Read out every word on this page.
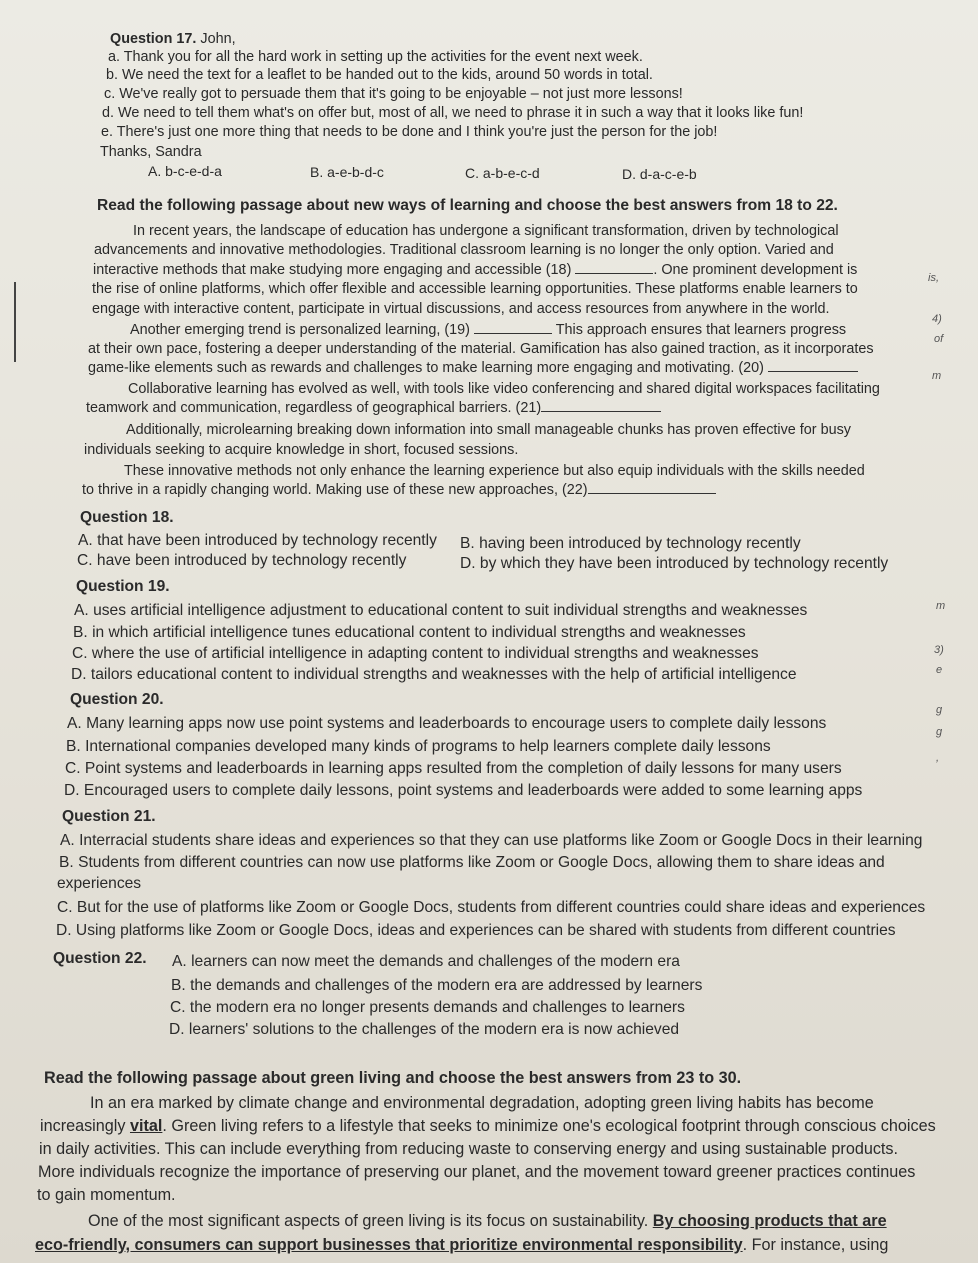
Question 17. John,
a. Thank you for all the hard work in setting up the activities for the event next week.
b. We need the text for a leaflet to be handed out to the kids, around 50 words in total.
c. We've really got to persuade them that it's going to be enjoyable – not just more lessons!
d. We need to tell them what's on offer but, most of all, we need to phrase it in such a way that it looks like fun!
e. There's just one more thing that needs to be done and I think you're just the person for the job!
Thanks, Sandra
A. b-c-e-d-a	B. a-e-b-d-c	C. a-b-e-c-d	D. d-a-c-e-b
Read the following passage about new ways of learning and choose the best answers from 18 to 22.
In recent years, the landscape of education has undergone a significant transformation, driven by technological
advancements and innovative methodologies. Traditional classroom learning is no longer the only option. Varied and
interactive methods that make studying more engaging and accessible (18)	. One prominent development is
the rise of online platforms, which offer flexible and accessible learning opportunities. These platforms enable learners to
engage with interactive content, participate in virtual discussions, and access resources from anywhere in the world.
Another emerging trend is personalized learning, (19)	This approach ensures that learners progress
at their own pace, fostering a deeper understanding of the material. Gamification has also gained traction, as it incorporates
game-like elements such as rewards and challenges to make learning more engaging and motivating. (20)
Collaborative learning has evolved as well, with tools like video conferencing and shared digital workspaces facilitating
teamwork and communication, regardless of geographical barriers. (21)
Additionally, microlearning breaking down information into small manageable chunks has proven effective for busy
individuals seeking to acquire knowledge in short, focused sessions.
These innovative methods not only enhance the learning experience but also equip individuals with the skills needed
to thrive in a rapidly changing world. Making use of these new approaches, (22)
is,
4)
of
m
m
3)
e
g
g
,
Question 18.
A. that have been introduced by technology recently B. having been introduced by technology recently
C. have been introduced by technology recently	D. by which they have been introduced by technology recently
Question 19.
A. uses artificial intelligence adjustment to educational content to suit individual strengths and weaknesses
B. in which artificial intelligence tunes educational content to individual strengths and weaknesses
C. where the use of artificial intelligence in adapting content to individual strengths and weaknesses
D. tailors educational content to individual strengths and weaknesses with the help of artificial intelligence
Question 20.
A. Many learning apps now use point systems and leaderboards to encourage users to complete daily lessons
B. International companies developed many kinds of programs to help learners complete daily lessons
C. Point systems and leaderboards in learning apps resulted from the completion of daily lessons for many users
D. Encouraged users to complete daily lessons, point systems and leaderboards were added to some learning apps
Question 21.
A. Interracial students share ideas and experiences so that they can use platforms like Zoom or Google Docs in their learning
B. Students from different countries can now use platforms like Zoom or Google Docs, allowing them to share ideas and
experiences
C. But for the use of platforms like Zoom or Google Docs, students from different countries could share ideas and experiences
D. Using platforms like Zoom or Google Docs, ideas and experiences can be shared with students from different countries
Question 22. A. learners can now meet the demands and challenges of the modern era
B. the demands and challenges of the modern era are addressed by learners
C. the modern era no longer presents demands and challenges to learners
D. learners' solutions to the challenges of the modern era is now achieved
Read the following passage about green living and choose the best answers from 23 to 30.
In an era marked by climate change and environmental degradation, adopting green living habits has become
increasingly vital. Green living refers to a lifestyle that seeks to minimize one's ecological footprint through conscious choices
in daily activities. This can include everything from reducing waste to conserving energy and using sustainable products.
More individuals recognize the importance of preserving our planet, and the movement toward greener practices continues
to gain momentum.
One of the most significant aspects of green living is its focus on sustainability. By choosing products that are
eco-friendly, consumers can support businesses that prioritize environmental responsibility. For instance, using
